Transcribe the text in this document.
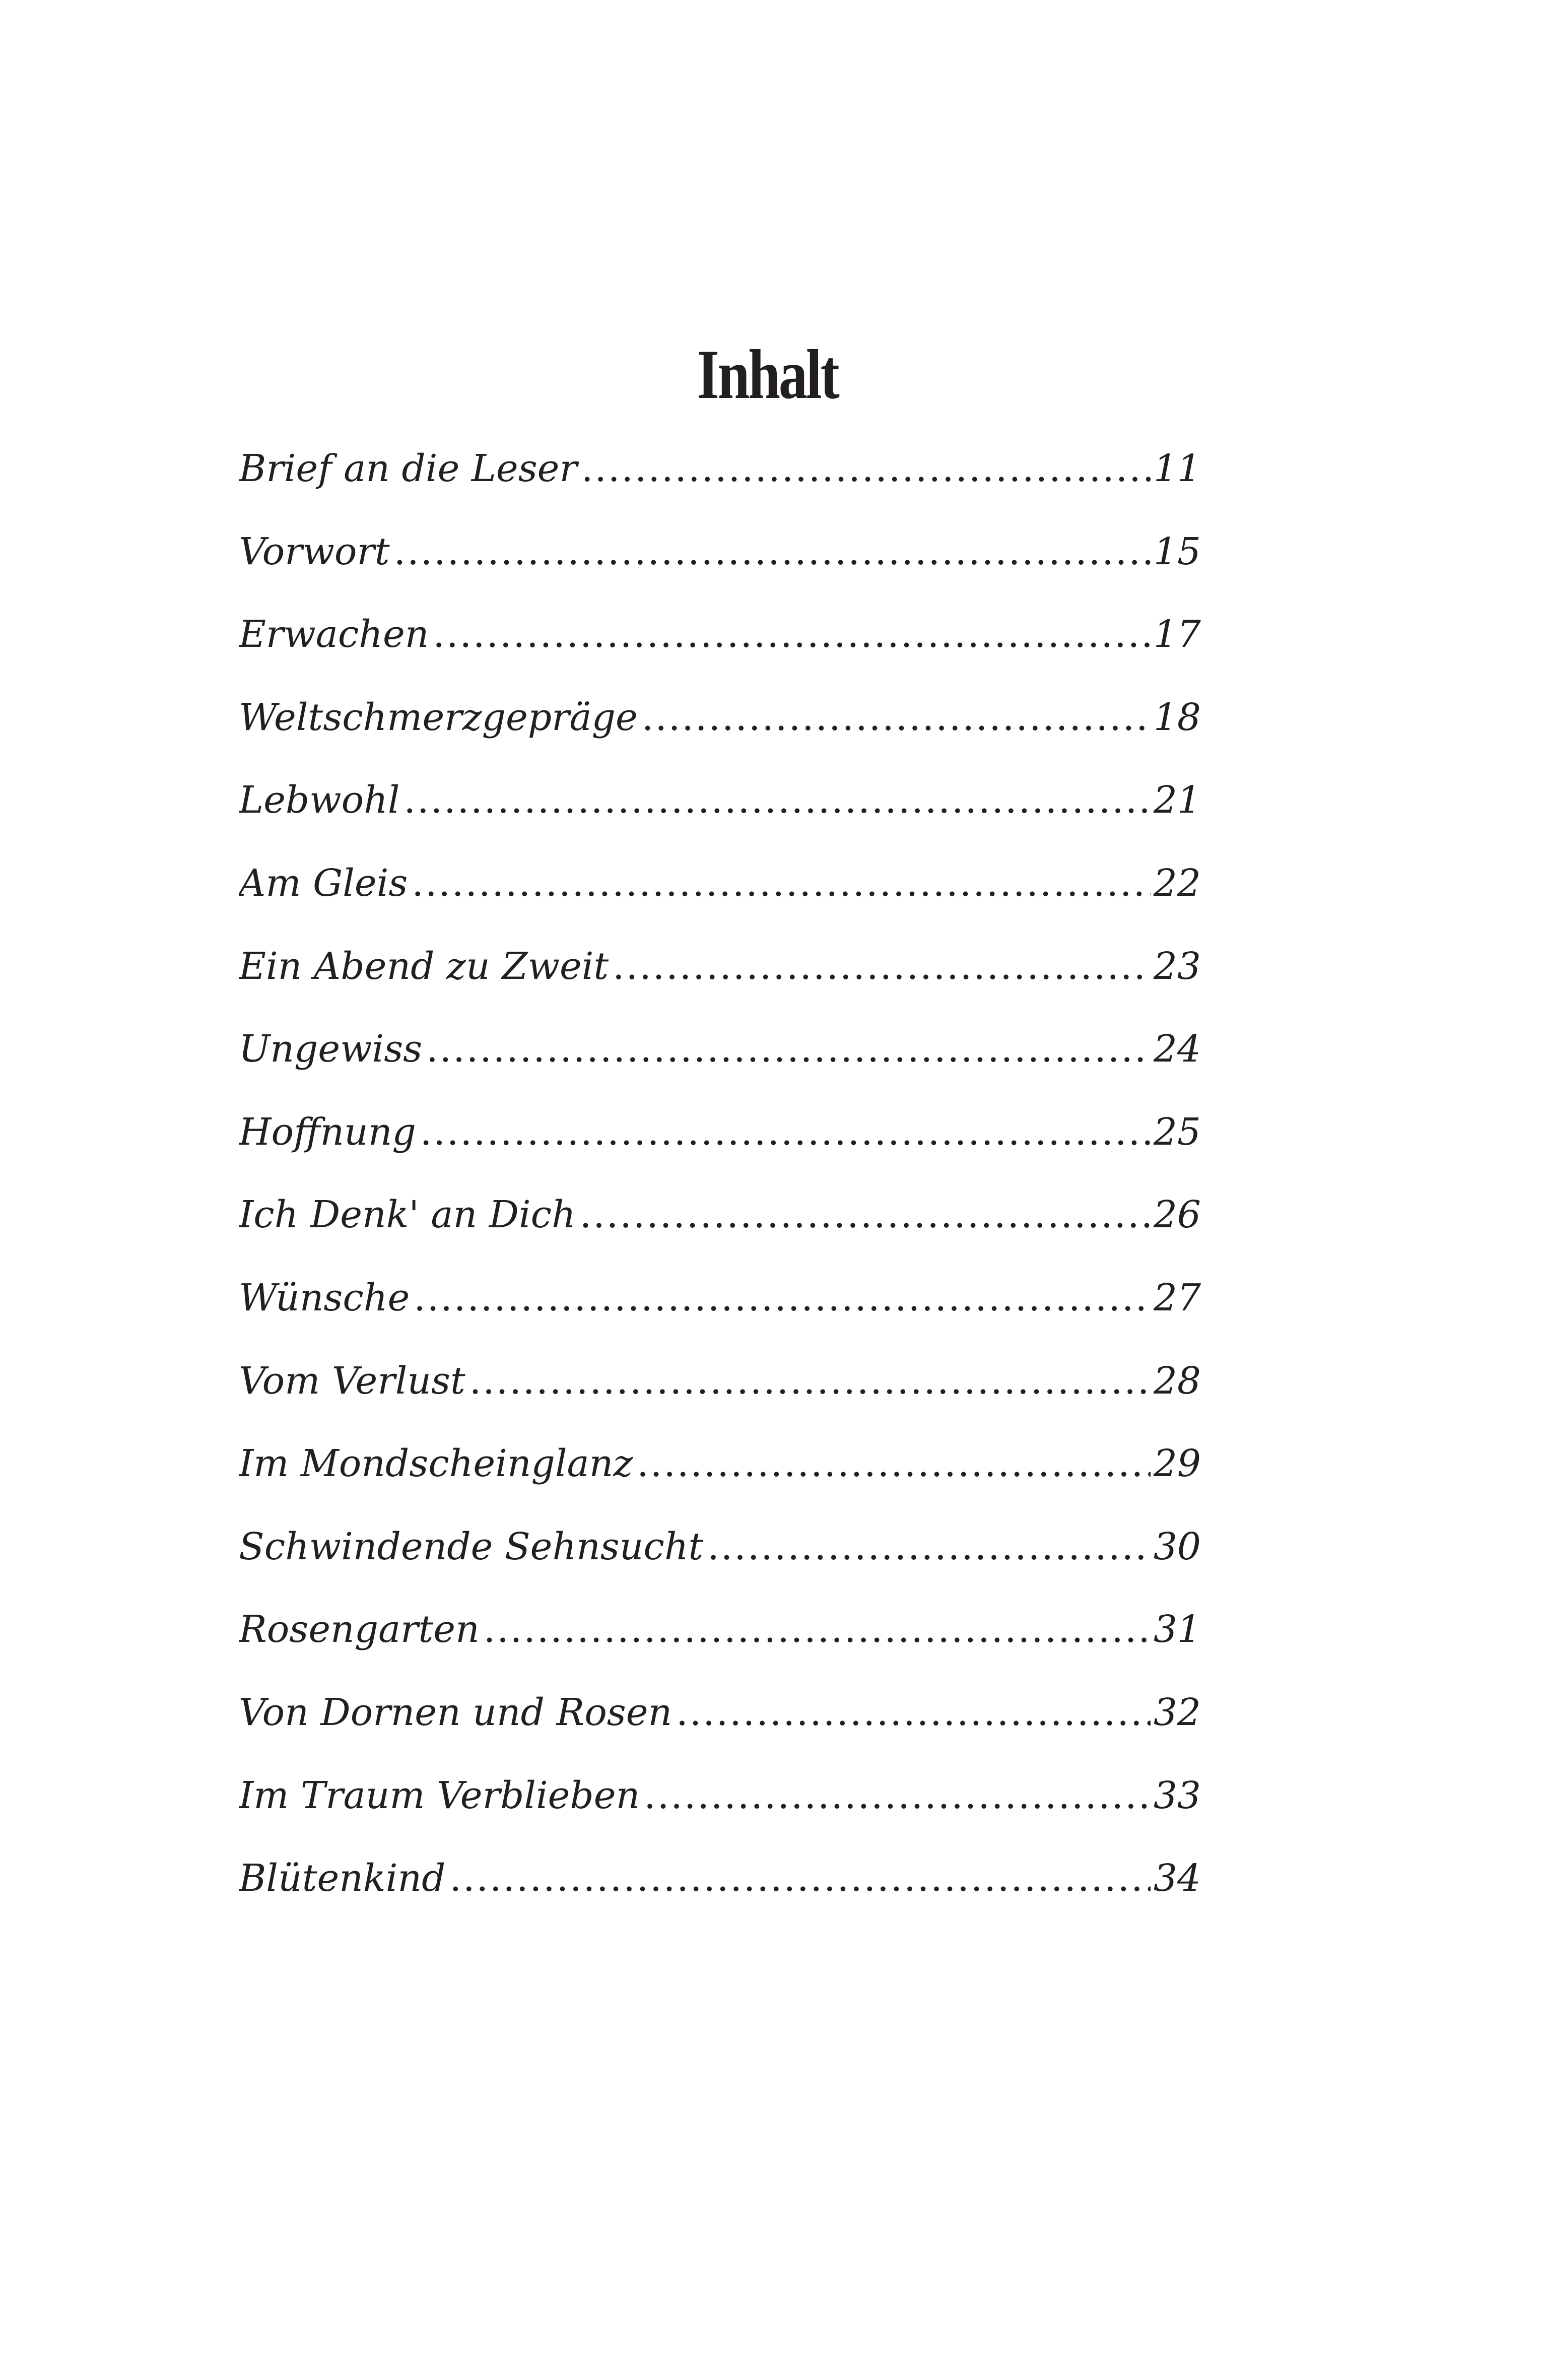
Inhalt
Brief an die Leser .....	11
Vorwort .....	15
Erwachen .....	17
Weltschmerzgepräge .....	18
Lebwohl .....	21
Am Gleis .....	22
Ein Abend zu Zweit .....	23
Ungewiss .....	24
Hoffnung .....	25
Ich Denk' an Dich .....	26
Wünsche .....	27
Vom Verlust .....	28
Im Mondscheinglanz .....	29
Schwindende Sehnsucht .....	30
Rosengarten .....	31
Von Dornen und Rosen .....	32
Im Traum Verblieben .....	33
Blütenkind .....	34
